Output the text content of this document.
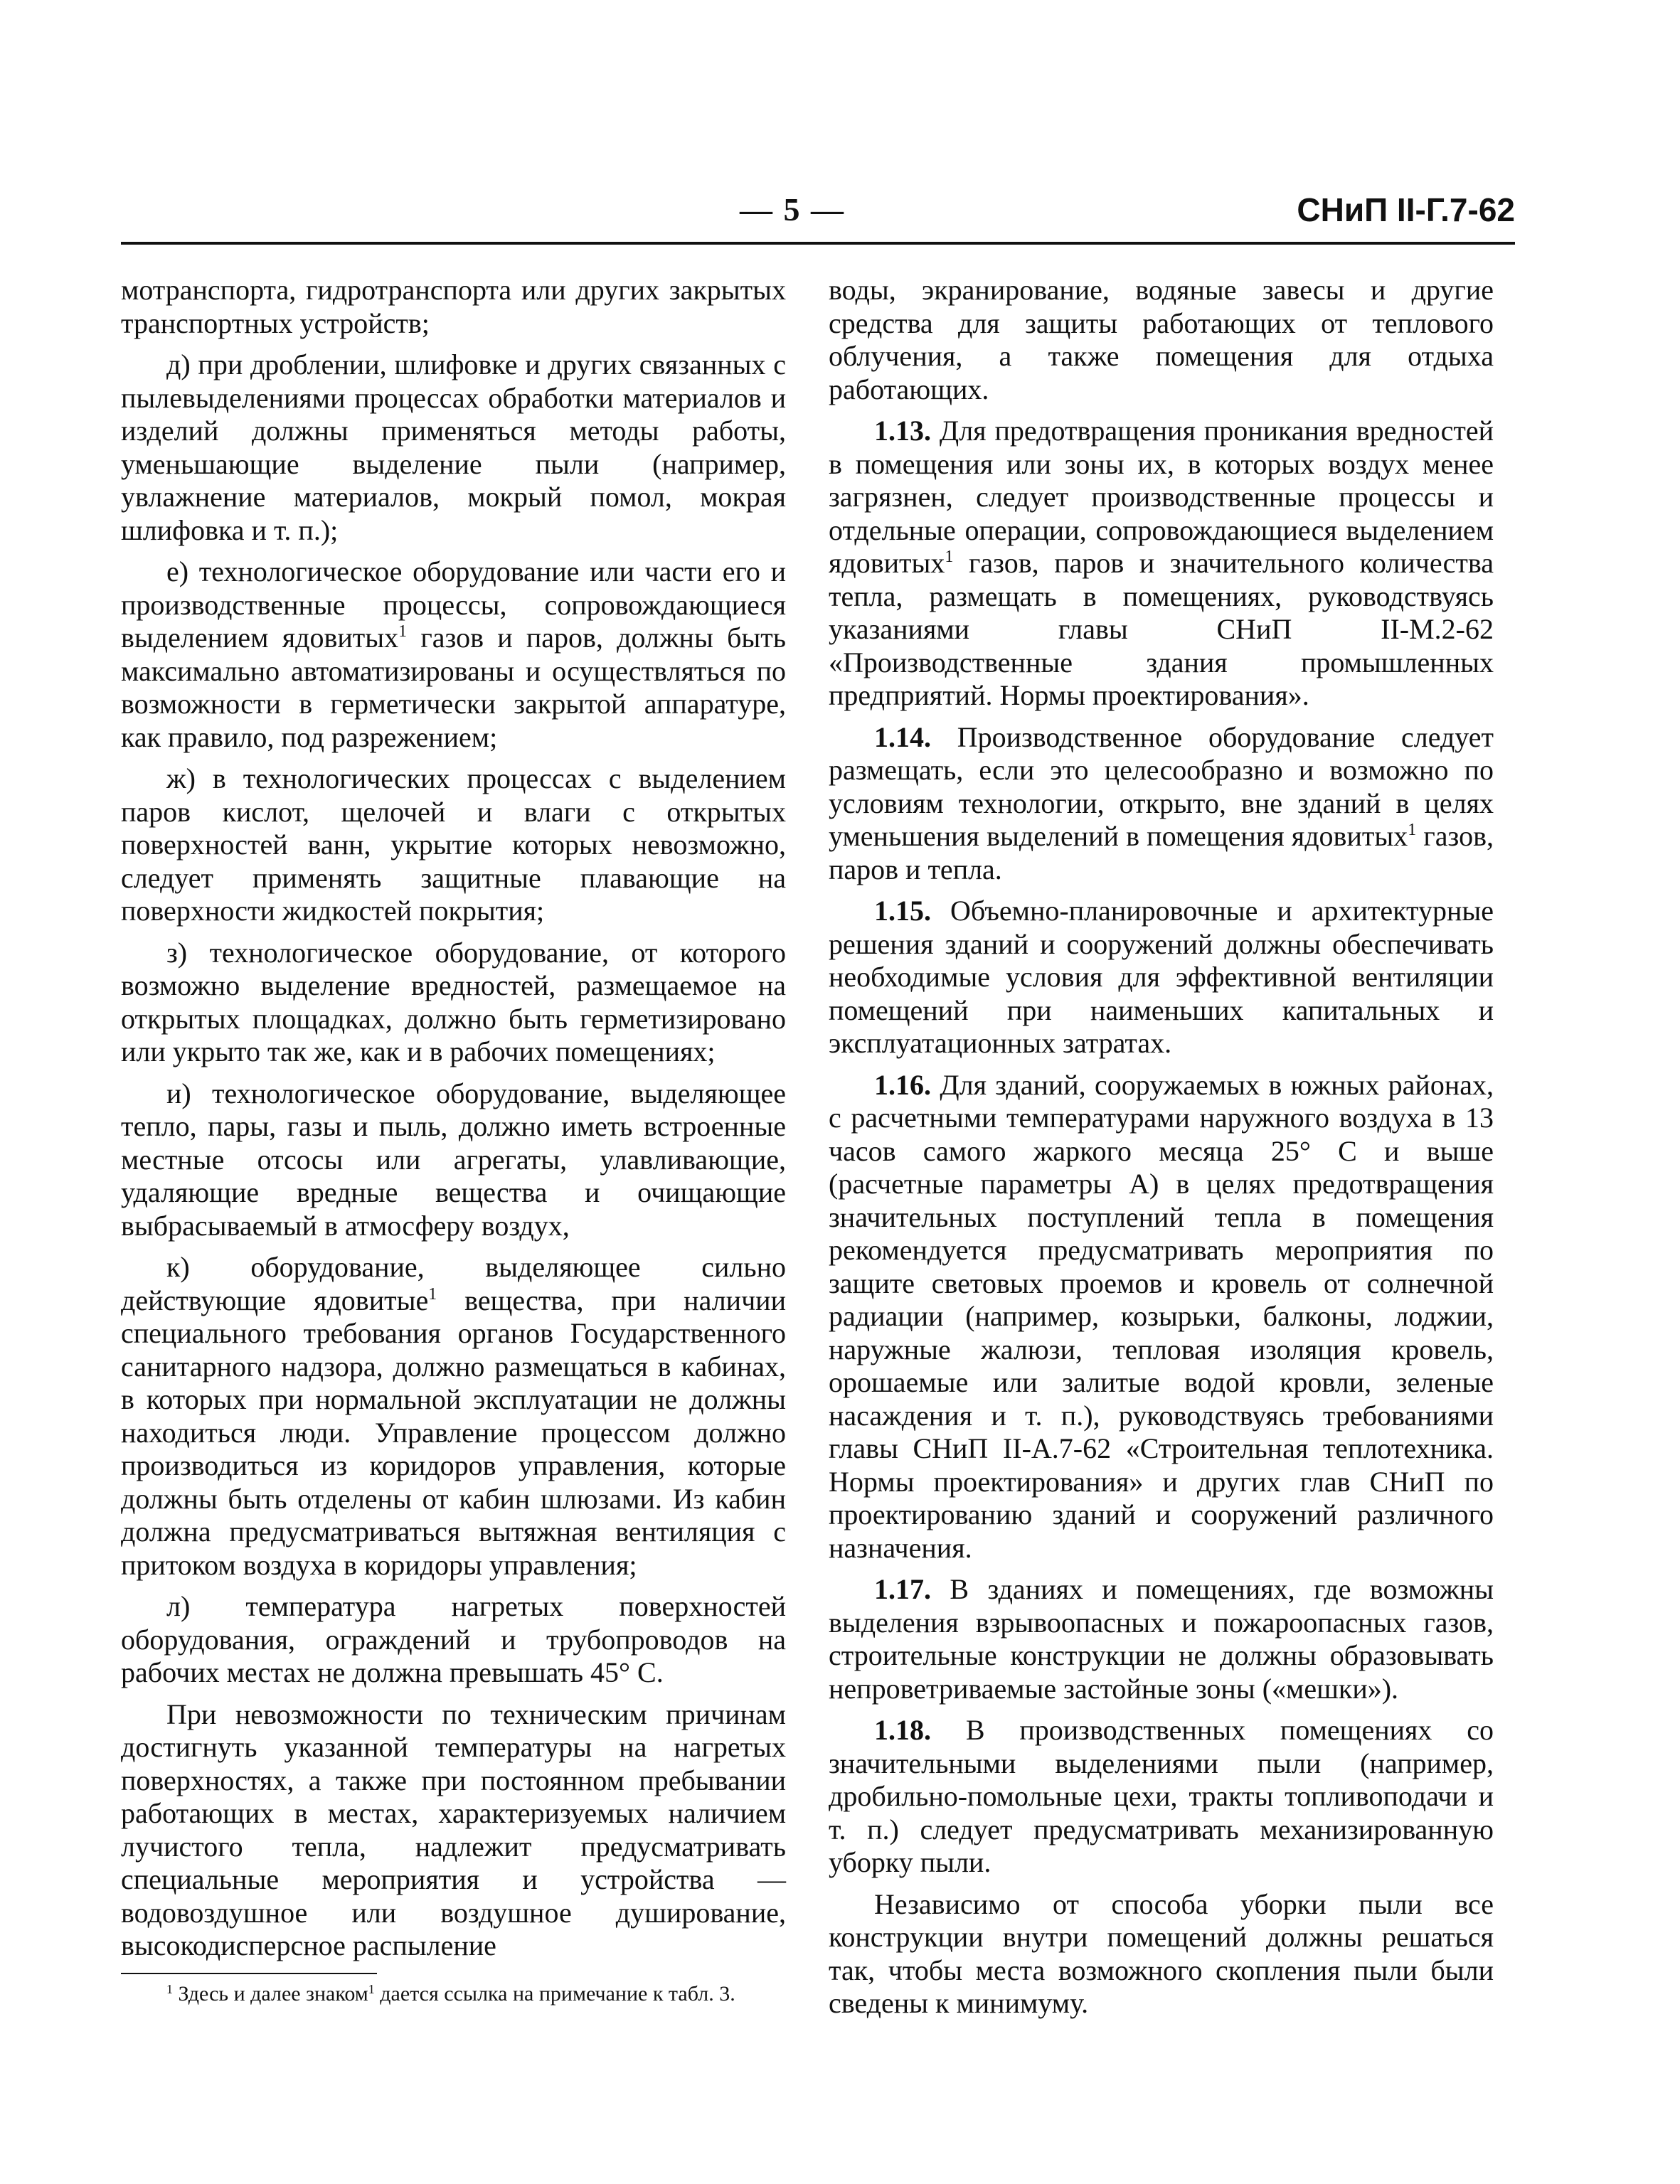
— 5 —	СНиП II-Г.7-62

мотранспорта, гидротранспорта или других закрытых транспортных устройств;

д) при дроблении, шлифовке и других связанных с пылевыделениями процессах обработки материалов и изделий должны применяться методы работы, уменьшающие выделение пыли (например, увлажнение материалов, мокрый помол, мокрая шлифовка и т. п.);

е) технологическое оборудование или части его и производственные процессы, сопровождающиеся выделением ядовитых$^1$ газов и паров, должны быть максимально автоматизированы и осуществляться по возможности в герметически закрытой аппаратуре, как правило, под разрежением;

ж) в технологических процессах с выделением паров кислот, щелочей и влаги с открытых поверхностей ванн, укрытие которых невозможно, следует применять защитные плавающие на поверхности жидкостей покрытия;

з) технологическое оборудование, от которого возможно выделение вредностей, размещаемое на открытых площадках, должно быть герметизировано или укрыто так же, как и в рабочих помещениях;

и) технологическое оборудование, выделяющее тепло, пары, газы и пыль, должно иметь встроенные местные отсосы или агрегаты, улавливающие, удаляющие вредные вещества и очищающие выбрасываемый в атмосферу воздух,

к) оборудование, выделяющее сильно действующие ядовитые$^1$ вещества, при наличии специального требования органов Государственного санитарного надзора, должно размещаться в кабинах, в которых при нормальной эксплуатации не должны находиться люди. Управление процессом должно производиться из коридоров управления, которые должны быть отделены от кабин шлюзами. Из кабин должна предусматриваться вытяжная вентиляция с притоком воздуха в коридоры управления;

л) температура нагретых поверхностей оборудования, ограждений и трубопроводов на рабочих местах не должна превышать 45° С.

При невозможности по техническим причинам достигнуть указанной температуры на нагретых поверхностях, а также при постоянном пребывании работающих в местах, характеризуемых наличием лучистого тепла, надлежит предусматривать специальные мероприятия и устройства — водовоздушное или воздушное душирование, высокодисперсное распыление

$^1$ Здесь и далее знаком$^1$ дается ссылка на примечание к табл. 3.

воды, экранирование, водяные завесы и другие средства для защиты работающих от теплового облучения, а также помещения для отдыха работающих.

1.13. Для предотвращения проникания вредностей в помещения или зоны их, в которых воздух менее загрязнен, следует производственные процессы и отдельные операции, сопровождающиеся выделением ядовитых$^1$ газов, паров и значительного количества тепла, размещать в помещениях, руководствуясь указаниями главы СНиП II-М.2-62 «Производственные здания промышленных предприятий. Нормы проектирования».

1.14. Производственное оборудование следует размещать, если это целесообразно и возможно по условиям технологии, открыто, вне зданий в целях уменьшения выделений в помещения ядовитых$^1$ газов, паров и тепла.

1.15. Объемно-планировочные и архитектурные решения зданий и сооружений должны обеспечивать необходимые условия для эффективной вентиляции помещений при наименьших капитальных и эксплуатационных затратах.

1.16. Для зданий, сооружаемых в южных районах, с расчетными температурами наружного воздуха в 13 часов самого жаркого месяца 25° С и выше (расчетные параметры А) в целях предотвращения значительных поступлений тепла в помещения рекомендуется предусматривать мероприятия по защите световых проемов и кровель от солнечной радиации (например, козырьки, балконы, лоджии, наружные жалюзи, тепловая изоляция кровель, орошаемые или залитые водой кровли, зеленые насаждения и т. п.), руководствуясь требованиями главы СНиП II-А.7-62 «Строительная теплотехника. Нормы проектирования» и других глав СНиП по проектированию зданий и сооружений различного назначения.

1.17. В зданиях и помещениях, где возможны выделения взрывоопасных и пожароопасных газов, строительные конструкции не должны образовывать непроветриваемые застойные зоны («мешки»).

1.18. В производственных помещениях со значительными выделениями пыли (например, дробильно-помольные цехи, тракты топливоподачи и т. п.) следует предусматривать механизированную уборку пыли.

Независимо от способа уборки пыли все конструкции внутри помещений должны решаться так, чтобы места возможного скопления пыли были сведены к минимуму.
